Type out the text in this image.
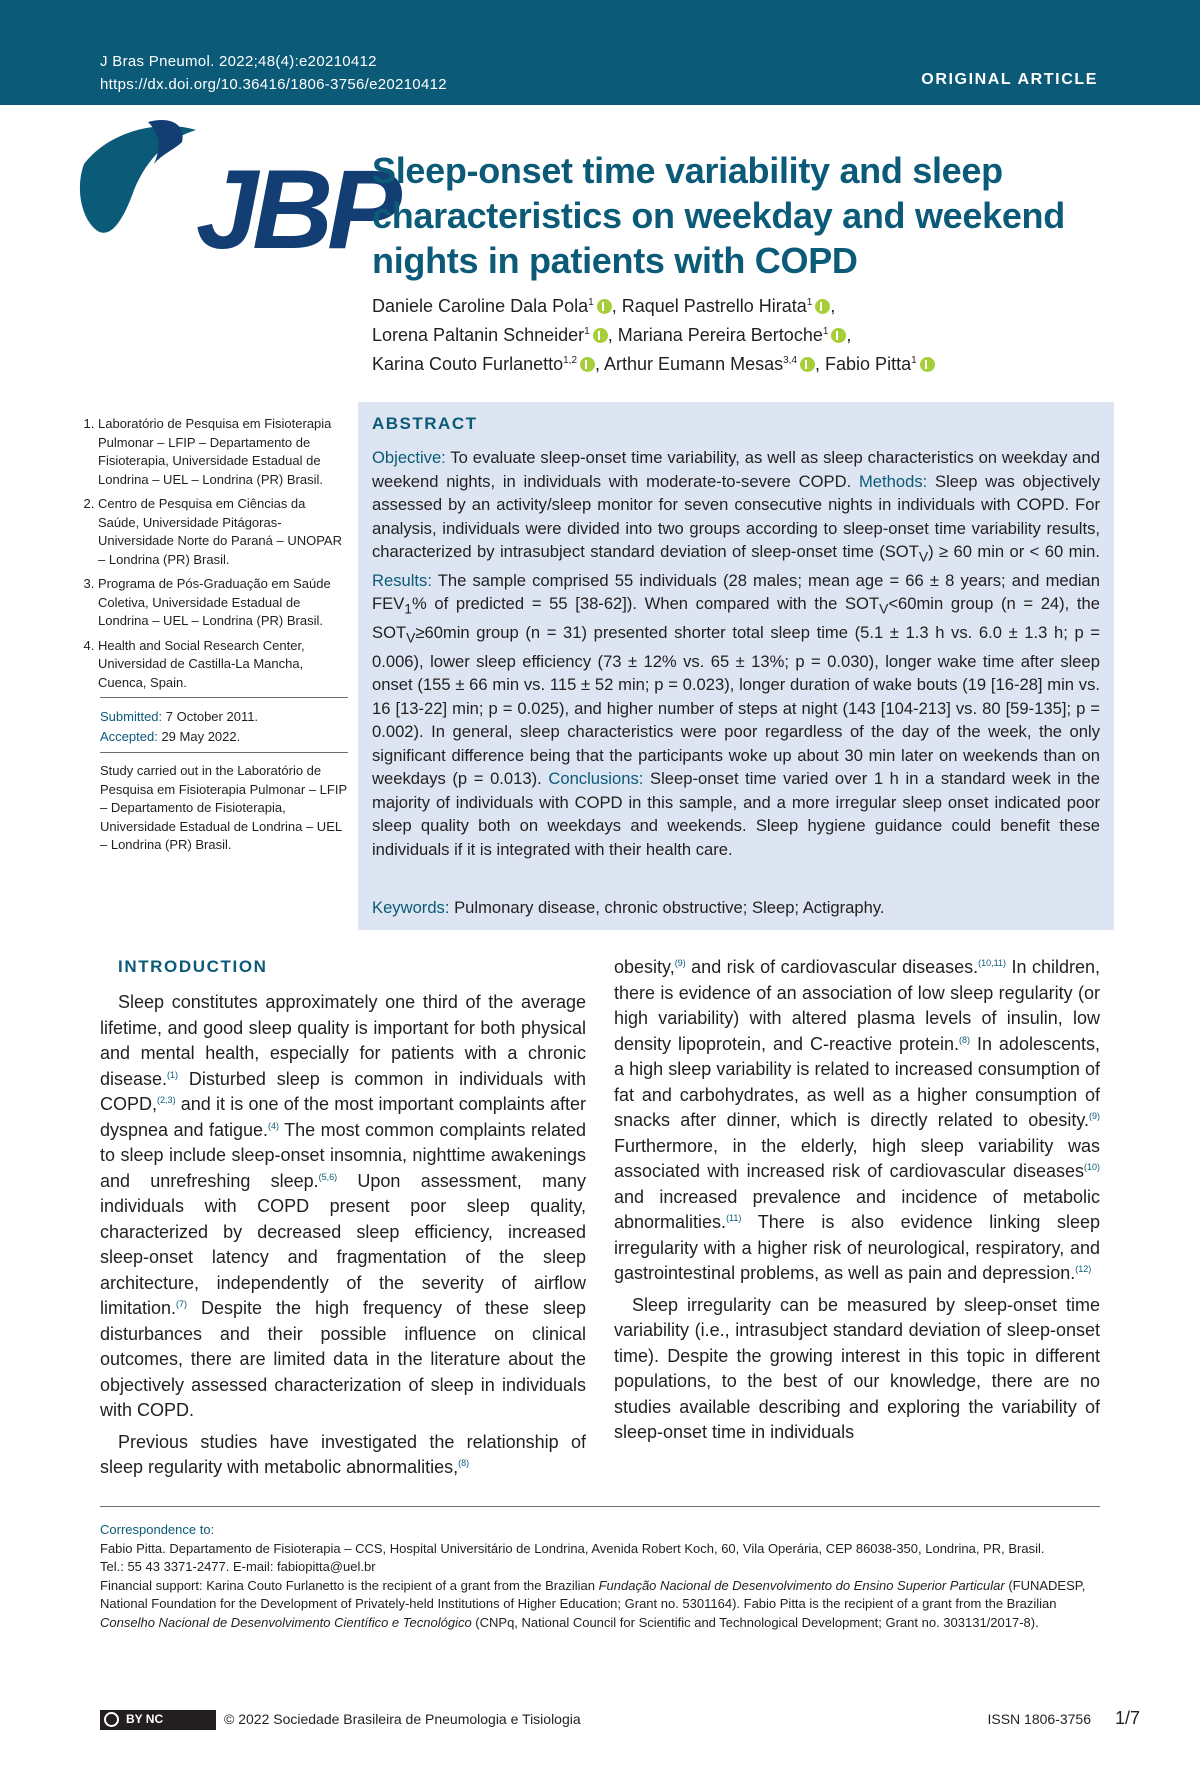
J Bras Pneumol. 2022;48(4):e20210412
https://dx.doi.org/10.36416/1806-3756/e20210412	ORIGINAL ARTICLE
JBP
Sleep-onset time variability and sleep characteristics on weekday and weekend nights in patients with COPD
Daniele Caroline Dala Pola$^1$ , Raquel Pastrello Hirata$^1$ ,
Lorena Paltanin Schneider$^1$ , Mariana Pereira Bertoche$^1$ ,
Karina Couto Furlanetto$^{1,2}$ , Arthur Eumann Mesas$^{3,4}$ , Fabio Pitta$^1$
1. Laboratório de Pesquisa em Fisioterapia Pulmonar – LFIP – Departamento de Fisioterapia, Universidade Estadual de Londrina – UEL – Londrina (PR) Brasil.
2. Centro de Pesquisa em Ciências da Saúde, Universidade Pitágoras-Universidade Norte do Paraná – UNOPAR – Londrina (PR) Brasil.
3. Programa de Pós-Graduação em Saúde Coletiva, Universidade Estadual de Londrina – UEL – Londrina (PR) Brasil.
4. Health and Social Research Center, Universidad de Castilla-La Mancha, Cuenca, Spain.
Submitted: 7 October 2011.
Accepted: 29 May 2022.
Study carried out in the Laboratório de Pesquisa em Fisioterapia Pulmonar – LFIP – Departamento de Fisioterapia, Universidade Estadual de Londrina – UEL – Londrina (PR) Brasil.
ABSTRACT

Objective: To evaluate sleep-onset time variability, as well as sleep characteristics on weekday and weekend nights, in individuals with moderate-to-severe COPD. Methods: Sleep was objectively assessed by an activity/sleep monitor for seven consecutive nights in individuals with COPD. For analysis, individuals were divided into two groups according to sleep-onset time variability results, characterized by intrasubject standard deviation of sleep-onset time $(SOT_V) \ge 60$ min or < 60 min. Results: The sample comprised 55 individuals (28 males; mean age = 66 ± 8 years; and median $FEV_1\%$ of predicted = 55 [38-62]). When compared with the $SOT_V<60\min$ group (n = 24), the $SOT_V\ge 60\min$ group (n = 31) presented shorter total sleep time (5.1 ± 1.3 h vs. 6.0 ± 1.3 h; p = 0.006), lower sleep efficiency (73 ± 12% vs. 65 ± 13%; p = 0.030), longer wake time after sleep onset (155 ± 66 min vs. 115 ± 52 min; p = 0.023), longer duration of wake bouts (19 [16-28] min vs. 16 [13-22] min; p = 0.025), and higher number of steps at night (143 [104-213] vs. 80 [59-135]; p = 0.002). In general, sleep characteristics were poor regardless of the day of the week, the only significant difference being that the participants woke up about 30 min later on weekends than on weekdays (p = 0.013). Conclusions: Sleep-onset time varied over 1 h in a standard week in the majority of individuals with COPD in this sample, and a more irregular sleep onset indicated poor sleep quality both on weekdays and weekends. Sleep hygiene guidance could benefit these individuals if it is integrated with their health care.

Keywords: Pulmonary disease, chronic obstructive; Sleep; Actigraphy.

INTRODUCTION

Sleep constitutes approximately one third of the average lifetime, and good sleep quality is important for both physical and mental health, especially for patients with a chronic disease.$^{(1)}$ Disturbed sleep is common in individuals with COPD,$^{(2,3)}$ and it is one of the most important complaints after dyspnea and fatigue.$^{(4)}$ The most common complaints related to sleep include sleep-onset insomnia, nighttime awakenings and unrefreshing sleep.$^{(5,6)}$ Upon assessment, many individuals with COPD present poor sleep quality, characterized by decreased sleep efficiency, increased sleep-onset latency and fragmentation of the sleep architecture, independently of the severity of airflow limitation.$^{(7)}$ Despite the high frequency of these sleep disturbances and their possible influence on clinical outcomes, there are limited data in the literature about the objectively assessed characterization of sleep in individuals with COPD.

Previous studies have investigated the relationship of sleep regularity with metabolic abnormalities,$^{(8)}$

obesity,$^{(9)}$ and risk of cardiovascular diseases.$^{(10,11)}$ In children, there is evidence of an association of low sleep regularity (or high variability) with altered plasma levels of insulin, low density lipoprotein, and C-reactive protein.$^{(8)}$ In adolescents, a high sleep variability is related to increased consumption of fat and carbohydrates, as well as a higher consumption of snacks after dinner, which is directly related to obesity.$^{(9)}$ Furthermore, in the elderly, high sleep variability was associated with increased risk of cardiovascular diseases$^{(10)}$ and increased prevalence and incidence of metabolic abnormalities.$^{(11)}$ There is also evidence linking sleep irregularity with a higher risk of neurological, respiratory, and gastrointestinal problems, as well as pain and depression.$^{(12)}$

Sleep irregularity can be measured by sleep-onset time variability (i.e., intrasubject standard deviation of sleep-onset time). Despite the growing interest in this topic in different populations, to the best of our knowledge, there are no studies available describing and exploring the variability of sleep-onset time in individuals

Correspondence to:

Fabio Pitta. Departamento de Fisioterapia – CCS, Hospital Universitário de Londrina, Avenida Robert Koch, 60, Vila Operária, CEP 86038-350, Londrina, PR, Brasil.

Tel.: 55 43 3371-2477. E-mail: fabiopitta@uel.br

Financial support: Karina Couto Furlanetto is the recipient of a grant from the Brazilian Fundação Nacional de Desenvolvimento do Ensino Superior Particular (FUNADESP, National Foundation for the Development of Privately-held Institutions of Higher Education; Grant no. 5301164). Fabio Pitta is the recipient of a grant from the Brazilian Conselho Nacional de Desenvolvimento Científico e Tecnológico (CNPq, National Council for Scientific and Technological Development; Grant no. 303131/2017-8).

BY NC	© 2022 Sociedade Brasileira de Pneumologia e Tisiologia	ISSN 1806-3756 1/7
